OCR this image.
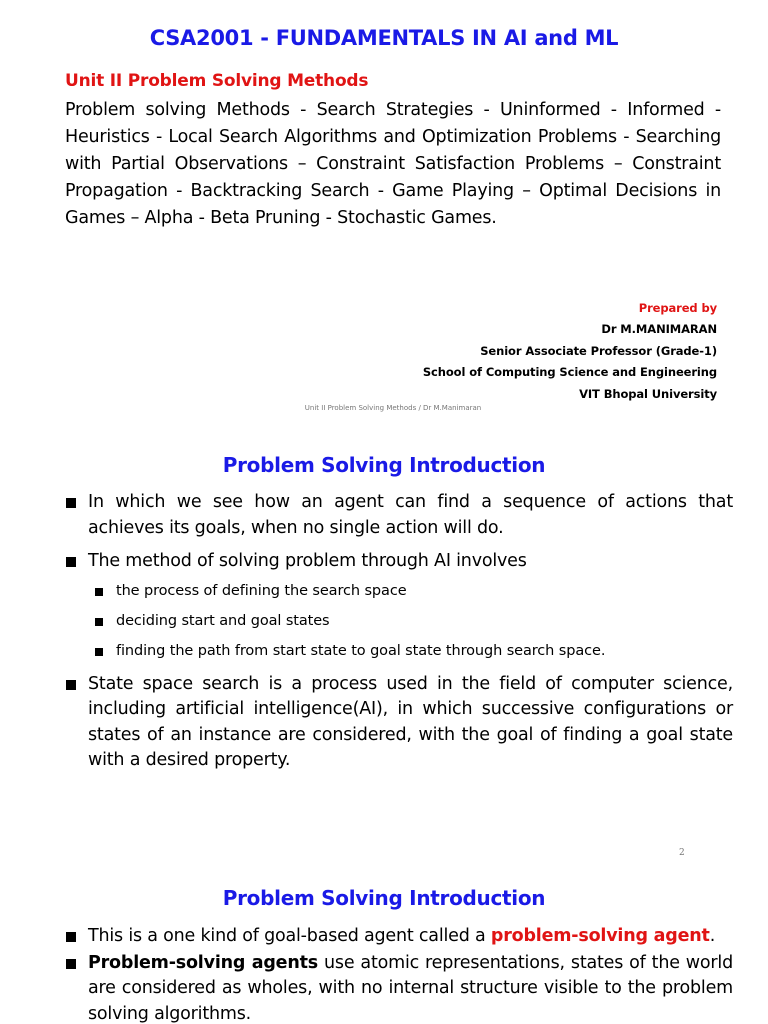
CSA2001 - FUNDAMENTALS IN AI and ML
Unit II Problem Solving Methods
Problem solving Methods - Search Strategies - Uninformed - Informed - Heuristics - Local Search Algorithms and Optimization Problems - Searching with Partial Observations – Constraint Satisfaction Problems – Constraint Propagation - Backtracking Search - Game Playing – Optimal Decisions in Games – Alpha - Beta Pruning - Stochastic Games.
Prepared by
Dr M.MANIMARAN
Senior Associate Professor (Grade-1)
School of Computing Science and Engineering
VIT Bhopal University
Unit II Problem Solving Methods / Dr M.Manimaran
Problem Solving Introduction
In which we see how an agent can find a sequence of actions that achieves its goals, when no single action will do.
The method of solving problem through AI involves
the process of defining the search space
deciding start and goal states
finding the path from start state to goal state through search space.
State space search is a process used in the field of computer science, including artificial intelligence(AI), in which successive configurations or states of an instance are considered, with the goal of finding a goal state with a desired property.
2
Problem Solving Introduction
This is a one kind of goal-based agent called a problem-solving agent.
Problem-solving agents use atomic representations, states of the world are considered as wholes, with no internal structure visible to the problem solving algorithms.
